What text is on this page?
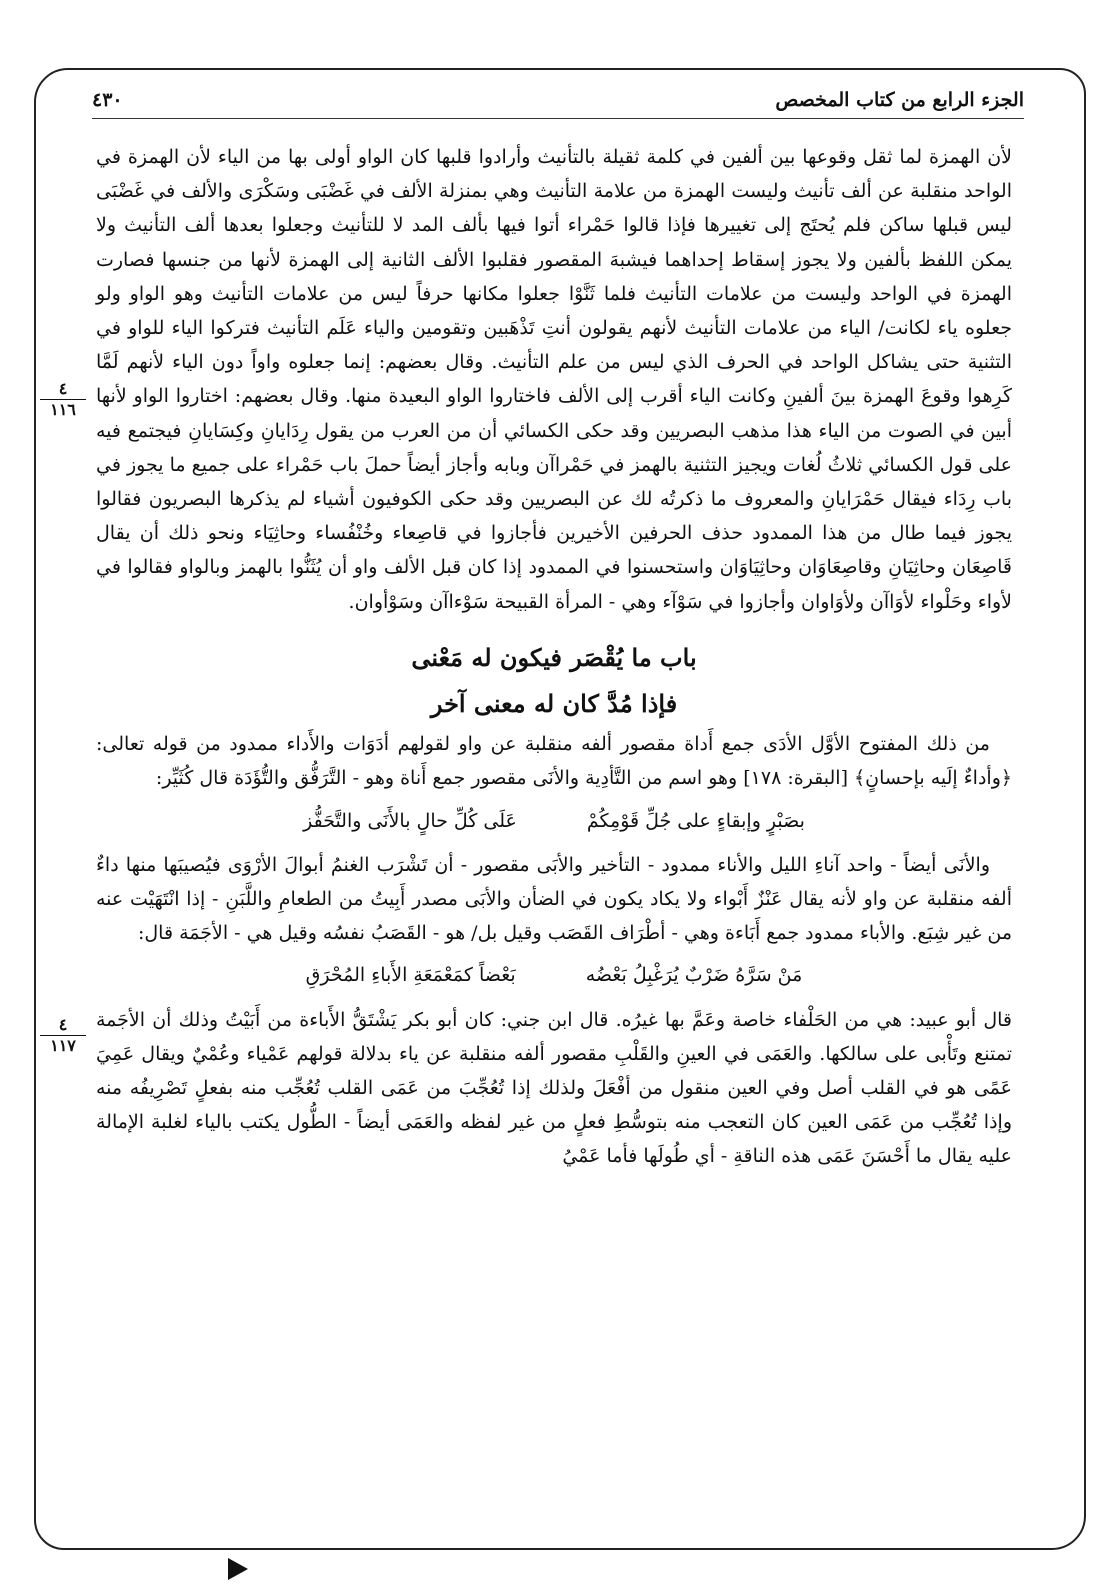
الجزء الرابع من كتاب المخصص
٤٣٠
٤
١١٦
٤
١١٧

لأن الهمزة لما ثقل وقوعها بين ألفين في كلمة ثقيلة بالتأنيث وأرادوا قلبها كان الواو أولى بها من الياء لأن الهمزة في الواحد منقلبة عن ألف تأنيث وليست الهمزة من علامة التأنيث وهي بمنزلة الألف في غَضْبَى وسَكْرَى والألف في غَضْبَى ليس قبلها ساكن فلم يُحتَج إلى تغييرها فإذا قالوا حَمْراء أتوا فيها بألف المد لا للتأنيث وجعلوا بعدها ألف التأنيث ولا يمكن اللفظ بألفين ولا يجوز إسقاط إحداهما فيشبهَ المقصور فقلبوا الألف الثانية إلى الهمزة لأنها من جنسها فصارت الهمزة في الواحد وليست من علامات التأنيث فلما ثَنَّوْا جعلوا مكانها حرفاً ليس من علامات التأنيث وهو الواو ولو جعلوه ياء لكانت/ الياء من علامات التأنيث لأنهم يقولون أنتِ تَذْهَبين وتقومين والياء عَلَم التأنيث فتركوا الياء للواو في التثنية حتى يشاكل الواحد في الحرف الذي ليس من علم التأنيث. وقال بعضهم: إنما جعلوه واواً دون الياء لأنهم لَمَّا كَرِهوا وقوعَ الهمزة بينَ ألفينِ وكانت الياء أقرب إلى الألف فاختاروا الواو البعيدة منها. وقال بعضهم: اختاروا الواو لأنها أبين في الصوت من الياء هذا مذهب البصريين وقد حكى الكسائي أن من العرب من يقول رِدَايانِ وكِسَايانِ فيجتمع فيه على قول الكسائي ثلاثُ لُغات ويجيز التثنية بالهمز في حَمْراآن وبابه وأجاز أيضاً حملَ باب حَمْراء على جميع ما يجوز في باب رِدَاء فيقال حَمْرَايانِ والمعروف ما ذكرتُه لك عن البصريين وقد حكى الكوفيون أشياء لم يذكرها البصريون فقالوا يجوز فيما طال من هذا الممدود حذف الحرفين الأخيرين فأجازوا في قاصِعاء وخُنْفُساء وحاثِيَاء ونحو ذلك أن يقال قَاصِعَان وحاثِيَانِ وقاصِعَاوَان وحاثِيَاوَان واستحسنوا في الممدود إذا كان قبل الألف واو أن يُثَنُّوا بالهمز وبالواو فقالوا في لأواء وحَلْواء لأوَاآن ولأوَاوان وأجازوا في سَوْآء وهي - المرأة القبيحة سَوْءاآن وسَوْأوان.

باب ما يُقْصَر فيكون له مَعْنى
فإذا مُدَّ كان له معنى آخر

من ذلك المفتوح الأوَّل الأدَى جمع أَداة مقصور ألفه منقلبة عن واو لقولهم أدَوَات والأَداء ممدود من قوله تعالى: ﴿وأداءٌ إلَيه بإحسانٍ﴾ [البقرة: ١٧٨] وهو اسم من التَّأدِية والأنَى مقصور جمع أَناة وهو - التَّرَفُّق والتُّؤَدَة قال كُثَيِّر:

بصَبْرٍ وإبقاءٍ على جُلِّ قَوْمِكُمْ
عَلَى كُلِّ حالٍ بالأَنَى والتَّحَفُّز

والأنَى أيضاً - واحد آناءِ الليل والأناء ممدود - التأخير والأبَى مقصور - أن تَشْرَب الغنمُ أبوالَ الأرْوَى فيُصيبَها منها داءٌ ألفه منقلبة عن واو لأنه يقال عَنْزٌ أَبْواء ولا يكاد يكون في الضأن والأبَى مصدر أَبِيتُ من الطعامِ واللَّبَنِ - إذا انْتَهَيْت عنه من غير شِبَع. والأباء ممدود جمع أَبَاءة وهي - أطْرَاف القَصَب وقيل بل/ هو - القَصَبُ نفسُه وقيل هي - الأجَمَة قال:

مَنْ سَرَّهُ ضَرْبٌ يُرَغْبِلُ بَعْضُه
بَعْضاً كمَعْمَعَةِ الأَباءِ المُحْرَقِ

قال أبو عبيد: هي من الحَلْفاء خاصة وعَمَّ بها غيرُه. قال ابن جني: كان أبو بكر يَشْتَقُّ الأَباءة من أَبَيْتُ وذلك أن الأجَمة تمتنع وتَأْبى على سالكها. والعَمَى في العينِ والقَلْبِ مقصور ألفه منقلبة عن ياء بدلالة قولهم عَمْياء وعُمْيٌ ويقال عَمِيَ عَمًى هو في القلب أصل وفي العين منقول من أفْعَلَ ولذلك إذا تُعُجِّبَ من عَمَى القلب تُعُجِّب منه بفعلٍ تَصْرِيفُه منه وإذا تُعُجِّب من عَمَى العين كان التعجب منه بتوسُّطِ فعلٍ من غير لفظه والعَمَى أيضاً - الطُّول يكتب بالياء لغلبة الإمالة عليه يقال ما أَحْسَنَ عَمَى هذه الناقةِ - أي طُولَها فأما عَمْيُ
